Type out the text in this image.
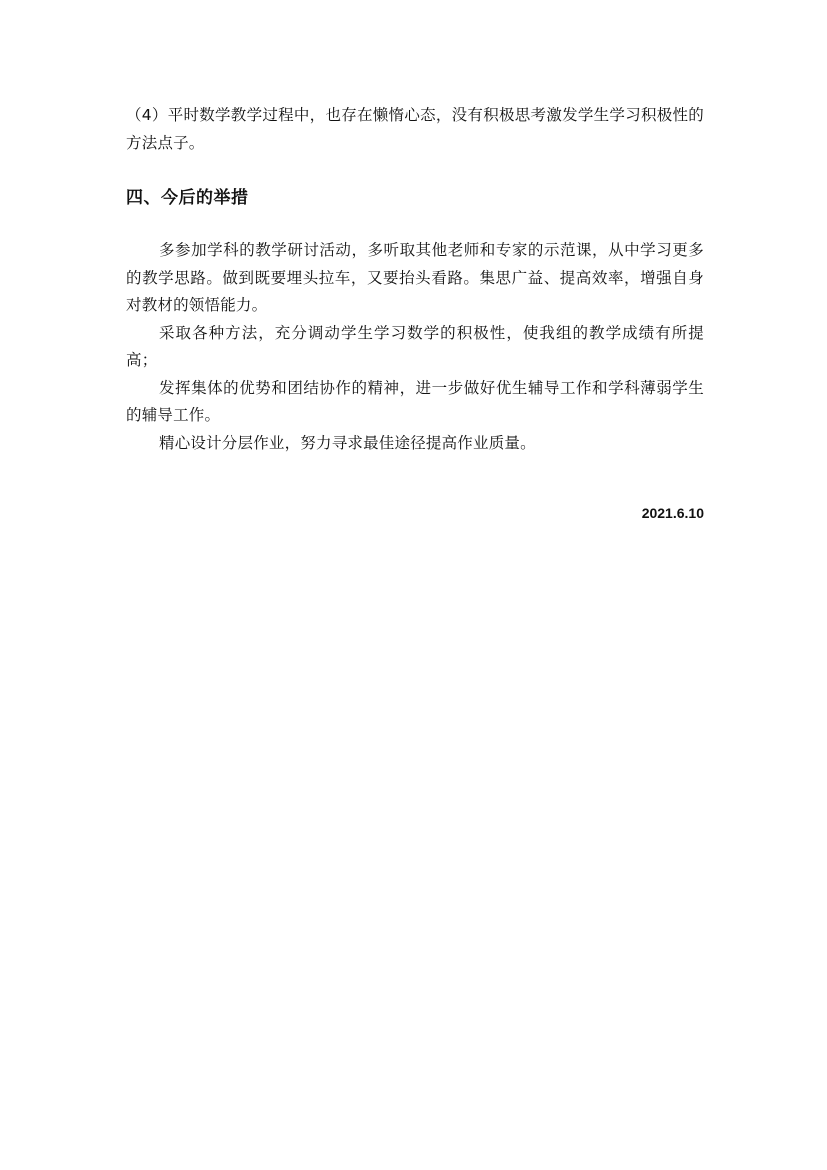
（4）平时数学教学过程中，也存在懒惰心态，没有积极思考激发学生学习积极性的方法点子。

四、今后的举措

多参加学科的教学研讨活动，多听取其他老师和专家的示范课，从中学习更多的教学思路。做到既要埋头拉车，又要抬头看路。集思广益、提高效率，增强自身对教材的领悟能力。

采取各种方法，充分调动学生学习数学的积极性，使我组的教学成绩有所提高；

发挥集体的优势和团结协作的精神，进一步做好优生辅导工作和学科薄弱学生的辅导工作。

精心设计分层作业，努力寻求最佳途径提高作业质量。

2021.6.10
